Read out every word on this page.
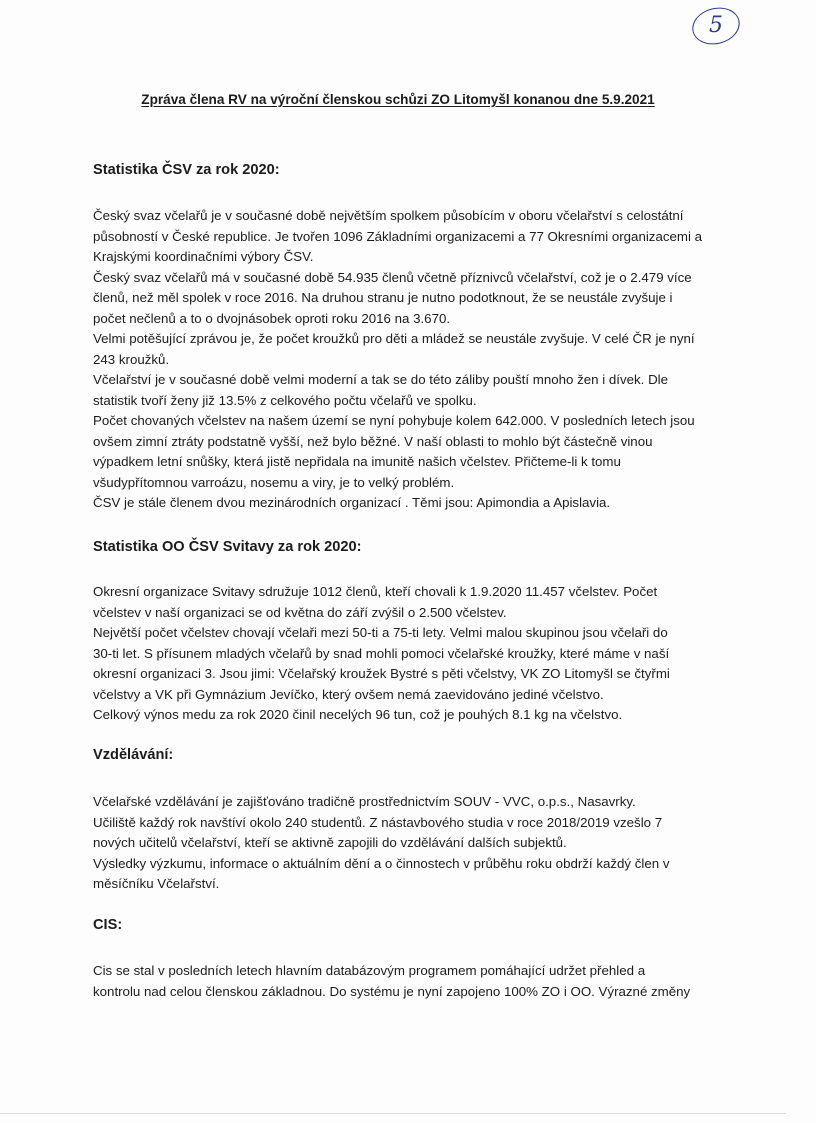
5
Zpráva člena RV na výroční členskou schůzi ZO Litomyšl konanou dne 5.9.2021
Statistika ČSV za rok 2020:

Český svaz včelařů je v současné době největším spolkem působícím v oboru včelařství s celostátní
působností v České republice. Je tvořen 1096 Základními organizacemi a 77 Okresními organizacemi a
Krajskými koordinačními výbory ČSV.
Český svaz včelařů má v současné době 54.935 členů včetně příznivců včelařství, což je o 2.479 více
členů, než měl spolek v roce 2016. Na druhou stranu je nutno podotknout, že se neustále zvyšuje i
počet nečlenů a to o dvojnásobek oproti roku 2016 na 3.670.
Velmi potěšující zprávou je, že počet kroužků pro děti a mládež se neustále zvyšuje. V celé ČR je nyní
243 kroužků.
Včelařství je v současné době velmi moderní a tak se do této záliby pouští mnoho žen i dívek. Dle
statistik tvoří ženy již 13.5% z celkového počtu včelařů ve spolku.
Počet chovaných včelstev na našem území se nyní pohybuje kolem 642.000. V posledních letech jsou
ovšem zimní ztráty podstatně vyšší, než bylo běžné. V naší oblasti to mohlo být částečně vinou
výpadkem letní snůšky, která jistě nepřidala na imunitě našich včelstev. Přičteme-li k tomu
všudypřítomnou varroázu, nosemu a viry, je to velký problém.
ČSV je stále členem dvou mezinárodních organizací . Těmi jsou: Apimondia a Apislavia.

Statistika OO ČSV Svitavy za rok 2020:

Okresní organizace Svitavy sdružuje 1012 členů, kteří chovali k 1.9.2020 11.457 včelstev. Počet
včelstev v naší organizaci se od května do září zvýšil o 2.500 včelstev.
Největší počet včelstev chovají včelaři mezi 50-ti a 75-ti lety. Velmi malou skupinou jsou včelaři do
30-ti let. S přísunem mladých včelařů by snad mohli pomoci včelařské kroužky, které máme v naší
okresní organizaci 3. Jsou jimi: Včelařský kroužek Bystré s pěti včelstvy, VK ZO Litomyšl se čtyřmi
včelstvy a VK při Gymnázium Jevíčko, který ovšem nemá zaevidováno jediné včelstvo.
Celkový výnos medu za rok 2020 činil necelých 96 tun, což je pouhých 8.1 kg na včelstvo.

Vzdělávání:

Včelařské vzdělávání je zajišťováno tradičně prostřednictvím SOUV - VVC, o.p.s., Nasavrky.
Učiliště každý rok navštíví okolo 240 studentů. Z nástavbového studia v roce 2018/2019 vzešlo 7
nových učitelů včelařství, kteří se aktivně zapojili do vzdělávání dalších subjektů.
Výsledky výzkumu, informace o aktuálním dění a o činnostech v průběhu roku obdrží každý člen v
měsíčníku Včelařství.

CIS:

Cis se stal v posledních letech hlavním databázovým programem pomáhající udržet přehled a
kontrolu nad celou členskou základnou. Do systému je nyní zapojeno 100% ZO i OO. Výrazné změny
